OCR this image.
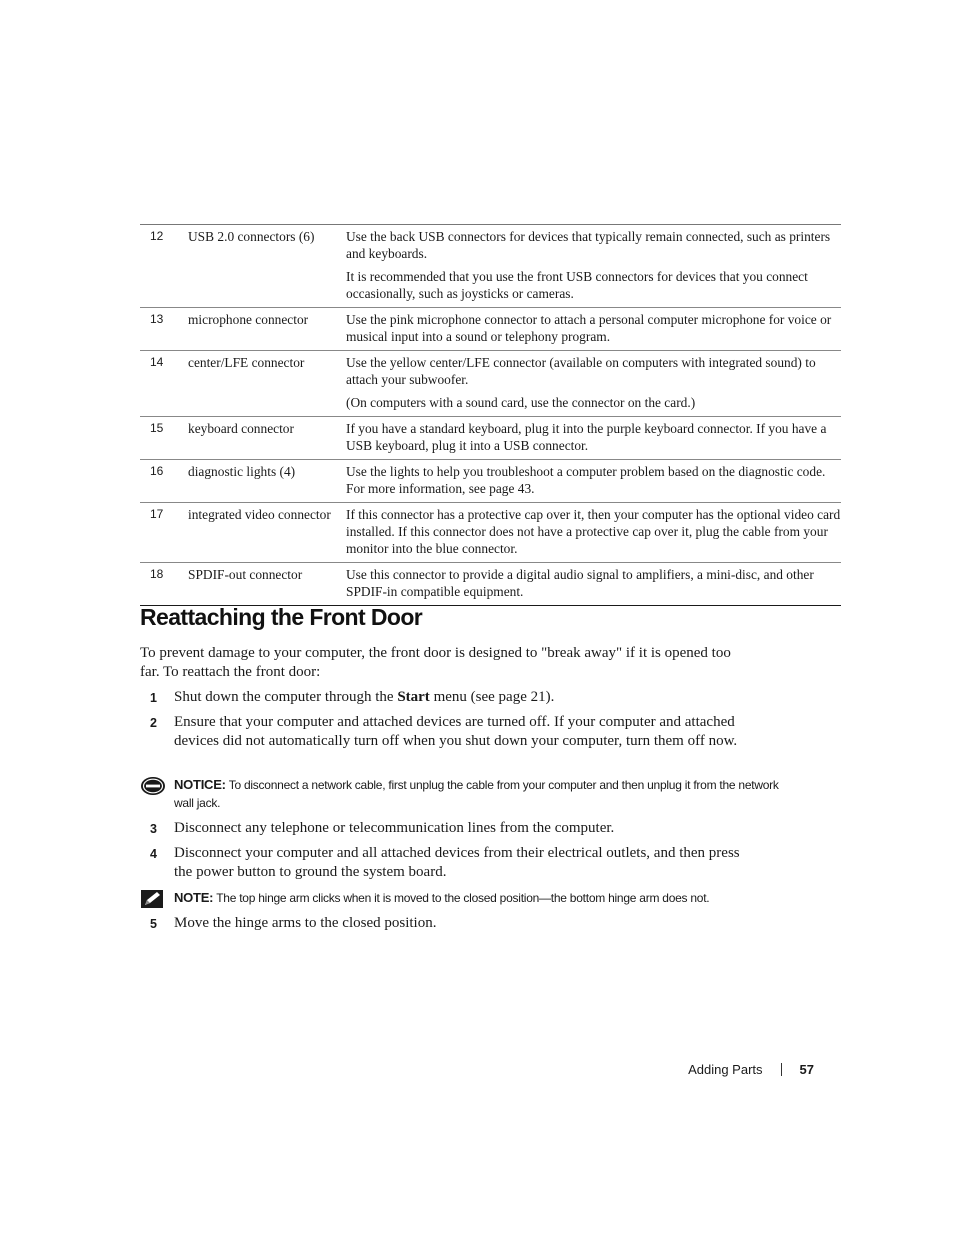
12	USB 2.0 connectors (6)	Use the back USB connectors for devices that typically remain connected, such as printers and keyboards.

It is recommended that you use the front USB connectors for devices that you connect occasionally, such as joysticks or cameras.

13	microphone connector	Use the pink microphone connector to attach a personal computer microphone for voice or musical input into a sound or telephony program.

14	center/LFE connector	Use the yellow center/LFE connector (available on computers with integrated sound) to attach your subwoofer.

(On computers with a sound card, use the connector on the card.)

15	keyboard connector	If you have a standard keyboard, plug it into the purple keyboard connector. If you have a USB keyboard, plug it into a USB connector.

16	diagnostic lights (4)	Use the lights to help you troubleshoot a computer problem based on the diagnostic code. For more information, see page 43.

17	integrated video connector	If this connector has a protective cap over it, then your computer has the optional video card installed. If this connector does not have a protective cap over it, plug the cable from your monitor into the blue connector.

18	SPDIF-out connector	Use this connector to provide a digital audio signal to amplifiers, a mini-disc, and other SPDIF-in compatible equipment.

Reattaching the Front Door

To prevent damage to your computer, the front door is designed to "break away" if it is opened too far. To reattach the front door:

1 Shut down the computer through the Start menu (see page 21).
2 Ensure that your computer and attached devices are turned off. If your computer and attached devices did not automatically turn off when you shut down your computer, turn them off now.
NOTICE: To disconnect a network cable, first unplug the cable from your computer and then unplug it from the network wall jack.
3 Disconnect any telephone or telecommunication lines from the computer.
4 Disconnect your computer and all attached devices from their electrical outlets, and then press the power button to ground the system board.
NOTE: The top hinge arm clicks when it is moved to the closed position—the bottom hinge arm does not.
5 Move the hinge arms to the closed position.
Adding Parts	57
